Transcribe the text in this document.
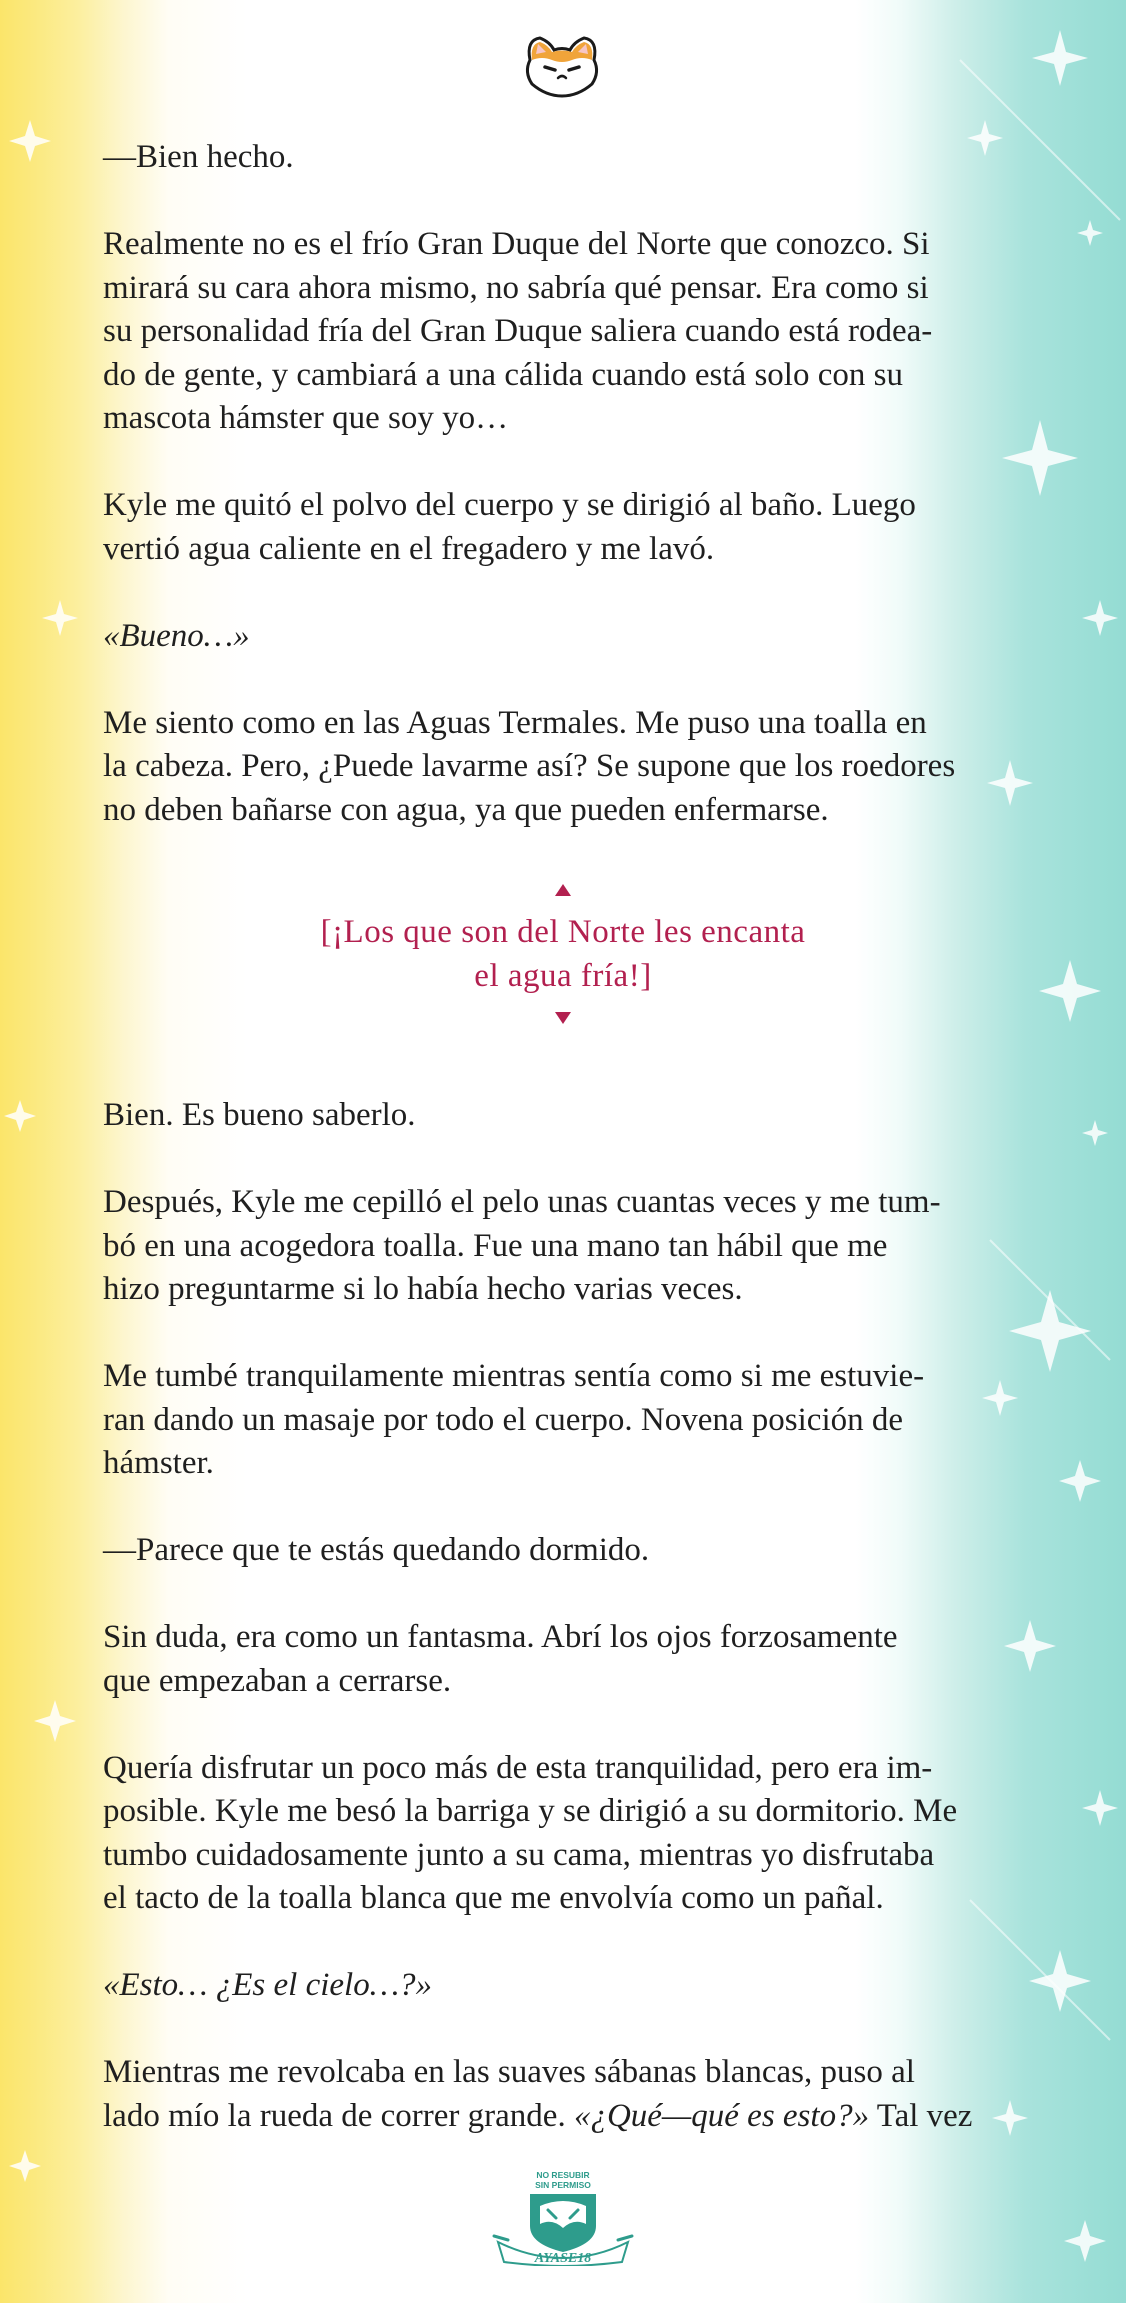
—Bien hecho.

Realmente no es el frío Gran Duque del Norte que conozco. Si
mirará su cara ahora mismo, no sabría qué pensar. Era como si
su personalidad fría del Gran Duque saliera cuando está rodea-
do de gente, y cambiará a una cálida cuando está solo con su
mascota hámster que soy yo…

Kyle me quitó el polvo del cuerpo y se dirigió al baño. Luego
vertió agua caliente en el fregadero y me lavó.

«Bueno…»

Me siento como en las Aguas Termales. Me puso una toalla en
la cabeza. Pero, ¿Puede lavarme así? Se supone que los roedores
no deben bañarse con agua, ya que pueden enfermarse.

[¡Los que son del Norte les encanta
el agua fría!]

Bien. Es bueno saberlo.

Después, Kyle me cepilló el pelo unas cuantas veces y me tum-
bó en una acogedora toalla. Fue una mano tan hábil que me
hizo preguntarme si lo había hecho varias veces.

Me tumbé tranquilamente mientras sentía como si me estuvie-
ran dando un masaje por todo el cuerpo. Novena posición de
hámster.

—Parece que te estás quedando dormido.

Sin duda, era como un fantasma. Abrí los ojos forzosamente
que empezaban a cerrarse.

Quería disfrutar un poco más de esta tranquilidad, pero era im-
posible. Kyle me besó la barriga y se dirigió a su dormitorio. Me
tumbo cuidadosamente junto a su cama, mientras yo disfrutaba
el tacto de la toalla blanca que me envolvía como un pañal.

«Esto… ¿Es el cielo…?»

Mientras me revolcaba en las suaves sábanas blancas, puso al
lado mío la rueda de correr grande. «¿Qué—qué es esto?» Tal vez

NO RESUBIR
SIN PERMISO
AYASE18
